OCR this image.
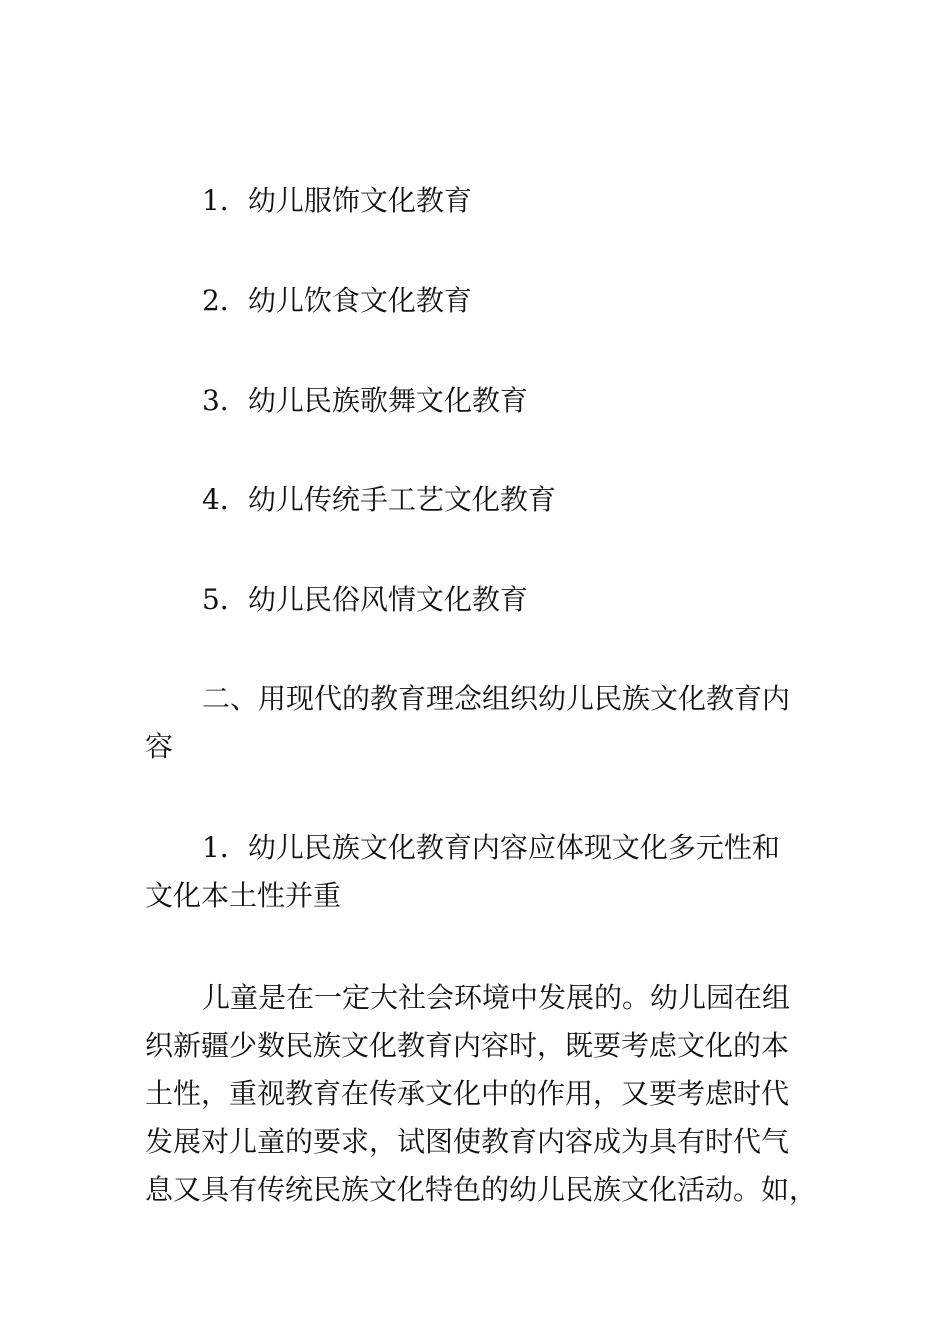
1．幼儿服饰文化教育

2．幼儿饮食文化教育

3．幼儿民族歌舞文化教育

4．幼儿传统手工艺文化教育

5．幼儿民俗风情文化教育

二、用现代的教育理念组织幼儿民族文化教育内
容
1．幼儿民族文化教育内容应体现文化多元性和
文化本土性并重
儿童是在一定大社会环境中发展的。幼儿园在组
织新疆少数民族文化教育内容时，既要考虑文化的本
土性，重视教育在传承文化中的作用，又要考虑时代
发展对儿童的要求，试图使教育内容成为具有时代气
息又具有传统民族文化特色的幼儿民族文化活动。如，
